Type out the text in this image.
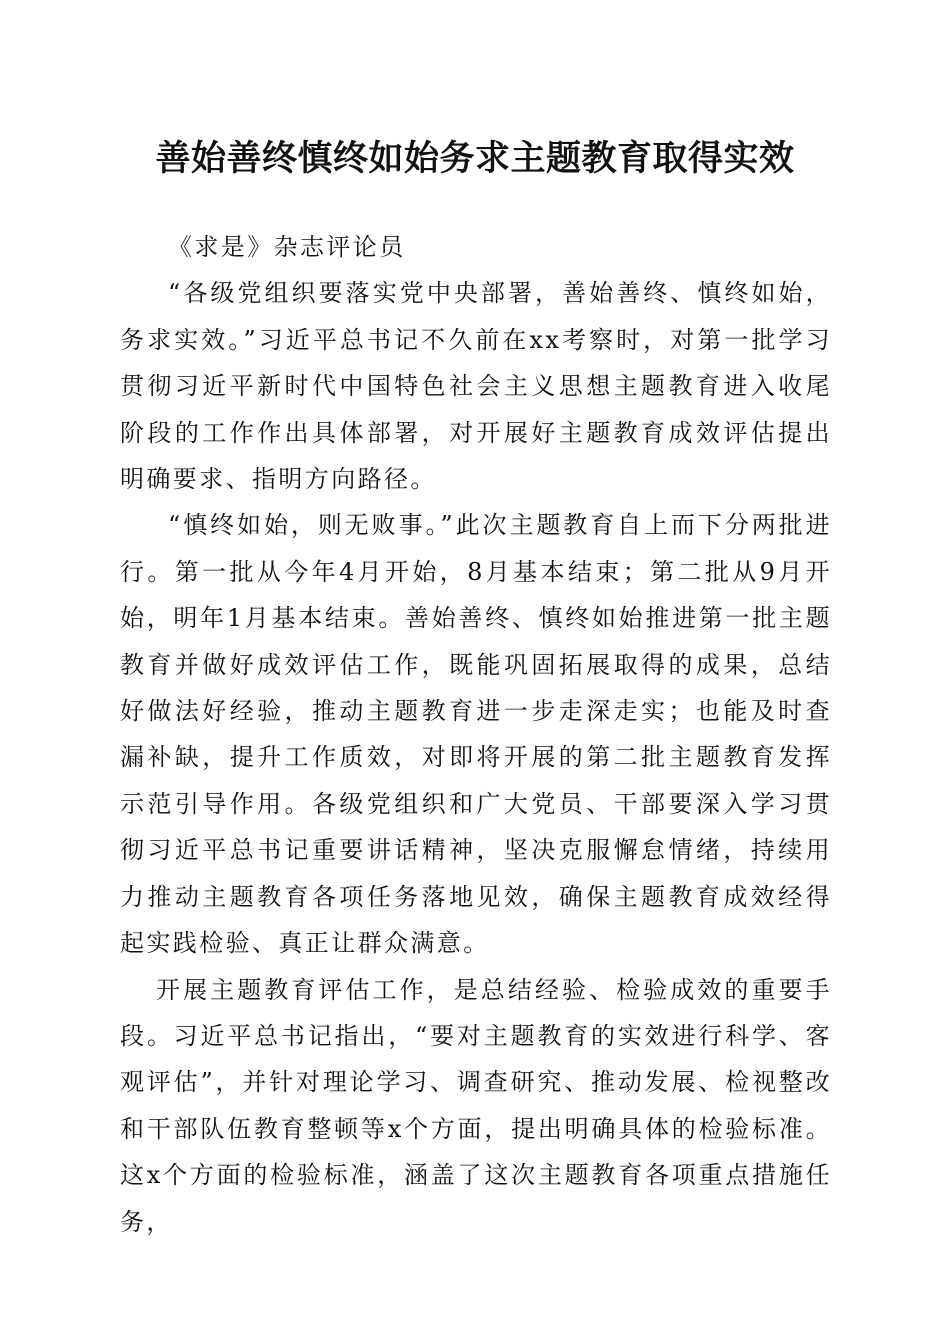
善始善终慎终如始务求主题教育取得实效

《求是》杂志评论员

“各级党组织要落实党中央部署，善始善终、慎终如始，务求实效。”习近平总书记不久前在xx考察时，对第一批学习贯彻习近平新时代中国特色社会主义思想主题教育进入收尾阶段的工作作出具体部署，对开展好主题教育成效评估提出明确要求、指明方向路径。

“慎终如始，则无败事。”此次主题教育自上而下分两批进行。第一批从今年4月开始，8月基本结束；第二批从9月开始，明年1月基本结束。善始善终、慎终如始推进第一批主题教育并做好成效评估工作，既能巩固拓展取得的成果，总结好做法好经验，推动主题教育进一步走深走实；也能及时查漏补缺，提升工作质效，对即将开展的第二批主题教育发挥示范引导作用。各级党组织和广大党员、干部要深入学习贯彻习近平总书记重要讲话精神，坚决克服懈怠情绪，持续用力推动主题教育各项任务落地见效，确保主题教育成效经得起实践检验、真正让群众满意。

开展主题教育评估工作，是总结经验、检验成效的重要手段。习近平总书记指出，“要对主题教育的实效进行科学、客观评估”，并针对理论学习、调查研究、推动发展、检视整改和干部队伍教育整顿等x个方面，提出明确具体的检验标准。这x个方面的检验标准，涵盖了这次主题教育各项重点措施任务，
